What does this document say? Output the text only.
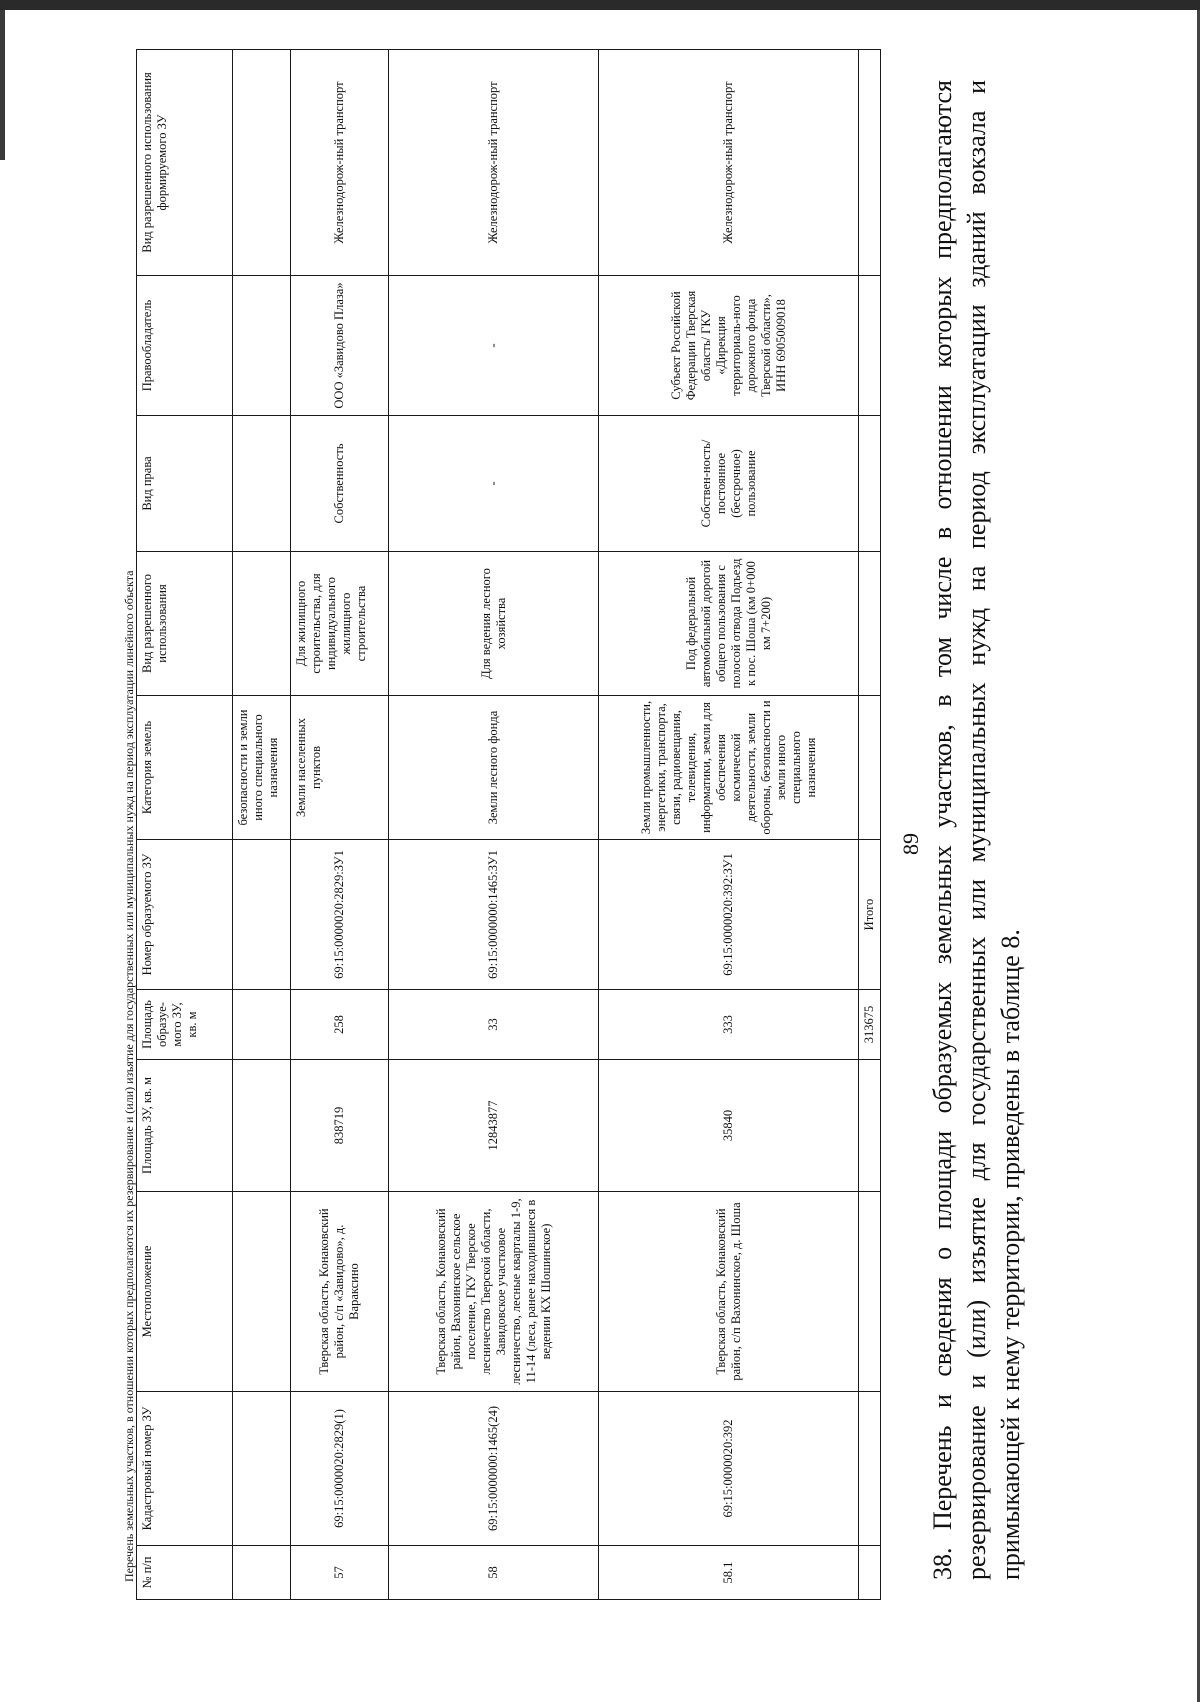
Перечень земельных участков, в отношении которых предполагаются их резервирование и (или) изъятие для государственных или муниципальных нужд на период эксплуатации линейного объекта № п/п	Кадастровый номер ЗУ	Местоположение	Площадь ЗУ, кв. м	Площадь образуе-мого ЗУ, кв. м	Номер образуемого ЗУ	Категория земель	Вид разрешенного использования	Вид права	Правообладатель	Вид разрешенного использования формируемого ЗУ
						безопасности и земли иного специального назначения				
57	69:15:0000020:2829(1)	Тверская область, Конаковский район, с/п «Завидово», д. Вараксино	838719	258	69:15:0000020:2829:ЗУ1	Земли населенных пунктов	Для жилищного строительства, для индивидуального жилищного строительства	Собственность	ООО «Завидово Плаза»	Железнодорож-ный транспорт
58	69:15:0000000:1465(24)	Тверская область, Конаковский район, Вахонинское сельское поселение, ГКУ Тверское лесничество Тверской области, Завидовское участковое лесничество, лесные кварталы 1-9, 11-14 (леса, ранее находившиеся в ведении КХ Шошинское)	12843877	33	69:15:0000000:1465:ЗУ1	Земли лесного фонда	Для ведения лесного хозяйства	-	-	Железнодорож-ный транспорт
58.1	69:15:0000020:392	Тверская область, Конаковский район, с/п Вахонинское, д. Шоша	35840	333	69:15:0000020:392:ЗУ1	Земли промышленности, энергетики, транспорта, связи, радиовещания, телевидения, информатики, земли для обеспечения космической деятельности, земли обороны, безопасности и земли иного специального назначения	Под федеральной автомобильной дорогой общего пользования с полосой отвода Подъезд к пос. Шоша (км 0+000 км 7+200)	Собствен-ность/ постоянное (бессрочное) пользование	Субъект Российской Федерации Тверская область/ ГКУ «Дирекция территориаль-ного дорожного фонда Тверской области», ИНН 6905009018	Железнодорож-ный транспорт
				313675	Итого					
89 38. Перечень и сведения о площади образуемых земельных участков, в том числе в отношении которых предполагаются резервирование и (или) изъятие для государственных или муниципальных нужд на период эксплуатации зданий вокзала и примыкающей к нему территории, приведены в таблице 8.
